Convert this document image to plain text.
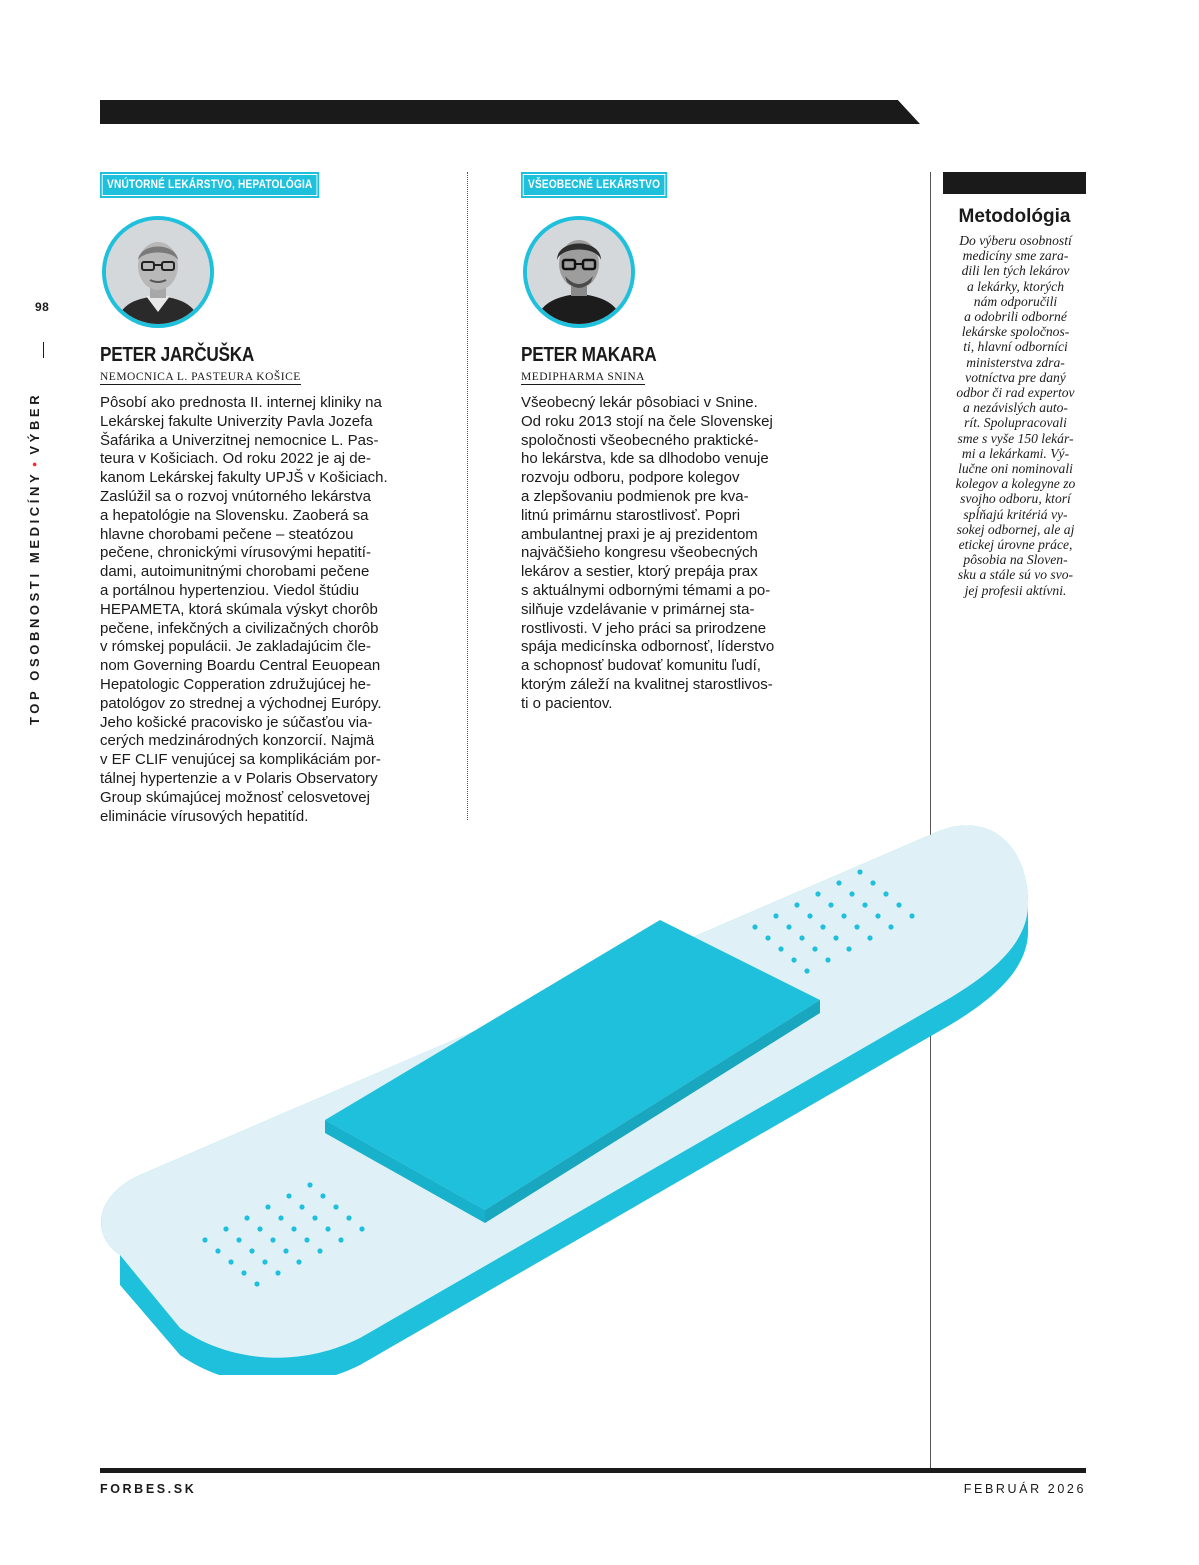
98
TOP OSOBNOSTI MEDICÍNY•VÝBER
VNÚTORNÉ LEKÁRSTVO, HEPATOLÓGIA
PETER JARČUŠKA
NEMOCNICA L. PASTEURA KOŠICE

Pôsobí ako prednosta II. internej kliniky na
Lekárskej fakulte Univerzity Pavla Jozefa
Šafárika a Univerzitnej nemocnice L. Pas-
teura v Košiciach. Od roku 2022 je aj de-
kanom Lekárskej fakulty UPJŠ v Košiciach.
Zaslúžil sa o rozvoj vnútorného lekárstva
a hepatológie na Slovensku. Zaoberá sa
hlavne chorobami pečene – steatózou
pečene, chronickými vírusovými hepatití-
dami, autoimunitnými chorobami pečene
a portálnou hypertenziou. Viedol štúdiu
HEPAMETA, ktorá skúmala výskyt chorôb
pečene, infekčných a civilizačných chorôb
v rómskej populácii. Je zakladajúcim čle-
nom Governing Boardu Central Eeuopean
Hepatologic Copperation združujúcej he-
patológov zo strednej a východnej Európy.
Jeho košické pracovisko je súčasťou via-
cerých medzinárodných konzorcií. Najmä
v EF CLIF venujúcej sa komplikáciám por-
tálnej hypertenzie a v Polaris Observatory
Group skúmajúcej možnosť celosvetovej
eliminácie vírusových hepatitíd.

VŠEOBECNÉ LEKÁRSTVO
PETER MAKARA
MEDIPHARMA SNINA

Všeobecný lekár pôsobiaci v Snine.
Od roku 2013 stojí na čele Slovenskej
spoločnosti všeobecného praktické-
ho lekárstva, kde sa dlhodobo venuje
rozvoju odboru, podpore kolegov
a zlepšovaniu podmienok pre kva-
litnú primárnu starostlivosť. Popri
ambulantnej praxi je aj prezidentom
najväčšieho kongresu všeobecných
lekárov a sestier, ktorý prepája prax
s aktuálnymi odbornými témami a po-
silňuje vzdelávanie v primárnej sta-
rostlivosti. V jeho práci sa prirodzene
spája medicínska odbornosť, líderstvo
a schopnosť budovať komunitu ľudí,
ktorým záleží na kvalitnej starostlivos-
ti o pacientov.

Metodológia

Do výberu osobností
medicíny sme zara-
dili len tých lekárov
a lekárky, ktorých
nám odporučili
a odobrili odborné
lekárske spoločnos-
ti, hlavní odborníci
ministerstva zdra-
votníctva pre daný
odbor či rad expertov
a nezávislých auto-
rít. Spolupracovali
sme s vyše 150 lekár-
mi a lekárkami. Vý-
lučne oni nominovali
kolegov a kolegyne zo
svojho odboru, ktorí
spĺňajú kritériá vy-
sokej odbornej, ale aj
etickej úrovne práce,
pôsobia na Sloven-
sku a stále sú vo svo-
jej profesii aktívni.

FORBES.SK	FEBRUÁR 2026
